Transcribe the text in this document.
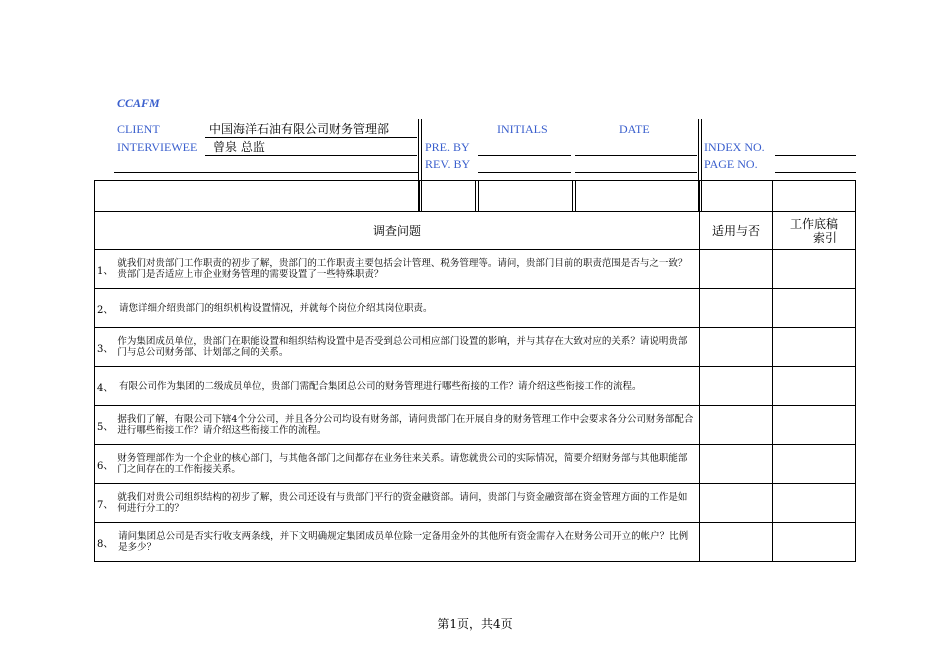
CCAFM
CLIENT	中国海洋石油有限公司财务管理部
INTERVIEWEE 曾泉 总监	PRE. BY
REV. BY
INITIALS	DATE
INDEX NO.
PAGE NO.

调查问题	适用与否	工作底稿
索引

1、
就我们对贵部门工作职责的初步了解，贵部门的工作职责主要包括会计管理、税务管理等。请问，贵部门目前的职责范围是否与之一致？贵部门是否适应上市企业财务管理的需要设置了一些特殊职责？		

2、 请您详细介绍贵部门的组织机构设置情况，并就每个岗位介绍其岗位职责。		

3、
作为集团成员单位，贵部门在职能设置和组织结构设置中是否受到总公司相应部门设置的影响，并与其存在大致对应的关系？请说明贵部门与总公司财务部、计划部之间的关系。		

4、 有限公司作为集团的二级成员单位，贵部门需配合集团总公司的财务管理进行哪些衔接的工作？请介绍这些衔接工作的流程。		

5、
据我们了解，有限公司下辖4个分公司，并且各分公司均设有财务部，请问贵部门在开展自身的财务管理工作中会要求各分公司财务部配合进行哪些衔接工作？请介绍这些衔接工作的流程。		

6、
财务管理部作为一个企业的核心部门，与其他各部门之间都存在业务往来关系。请您就贵公司的实际情况，简要介绍财务部与其他职能部门之间存在的工作衔接关系。		

7、
就我们对贵公司组织结构的初步了解，贵公司还设有与贵部门平行的资金融资部。请问，贵部门与资金融资部在资金管理方面的工作是如何进行分工的？		

8、
请问集团总公司是否实行收支两条线，并下文明确规定集团成员单位除一定备用金外的其他所有资金需存入在财务公司开立的帐户？比例是多少？		

第1页，共4页
